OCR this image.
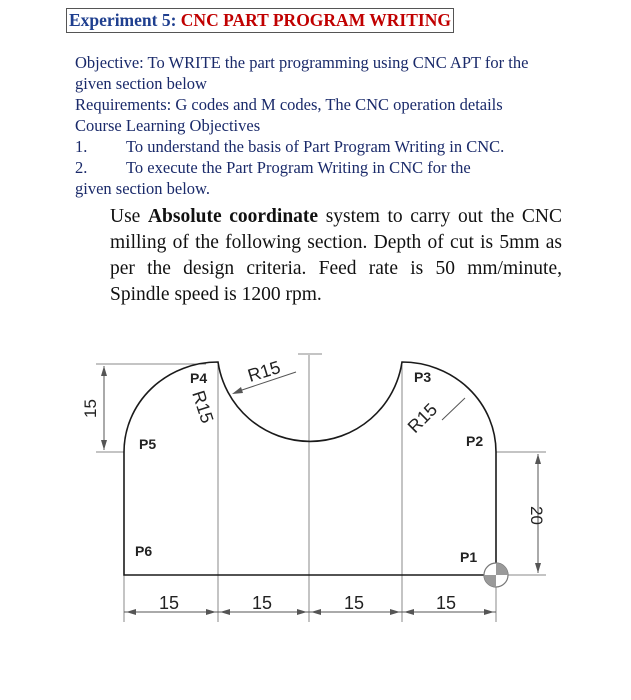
Experiment 5: CNC PART PROGRAM WRITING

Objective: To WRITE the part programming using CNC APT for the given section below

Requirements: G codes and M codes, The CNC operation details

Course Learning Objectives

1.	To understand the basis of Part Program Writing in CNC.
2.	To execute the Part Program Writing in CNC for the

given section below.

Use Absolute coordinate system to carry out the CNC milling of the following section. Depth of cut is 5mm as per the design criteria. Feed rate is 50 mm/minute, Spindle speed is 1200 rpm.
P1
P2
P3
P4
P5
P6
R15
R15	R15
15
20
15	15	15	15
